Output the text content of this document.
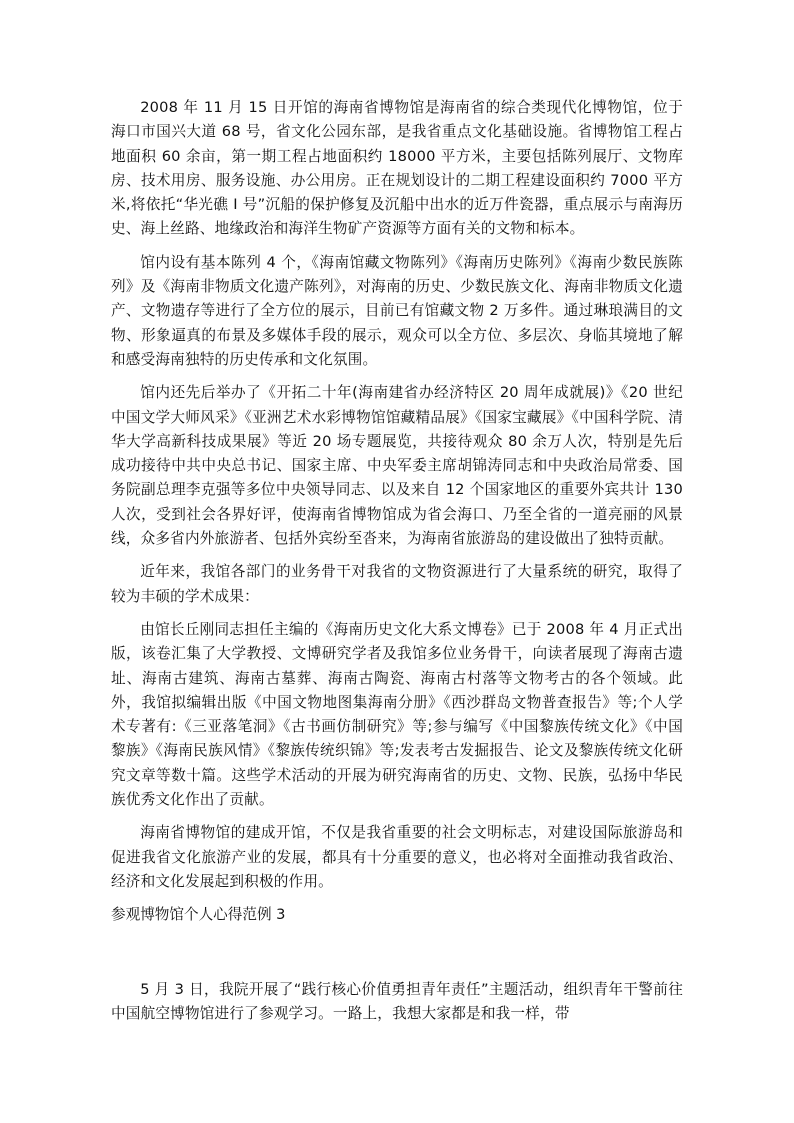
2008 年 11 月 15 日开馆的海南省博物馆是海南省的综合类现代化博物馆，位于海口市国兴大道 68 号，省文化公园东部，是我省重点文化基础设施。省博物馆工程占地面积 60 余亩，第一期工程占地面积约 18000 平方米，主要包括陈列展厅、文物库房、技术用房、服务设施、办公用房。正在规划设计的二期工程建设面积约 7000 平方米,将依托“华光礁 I 号”沉船的保护修复及沉船中出水的近万件瓷器，重点展示与南海历史、海上丝路、地缘政治和海洋生物矿产资源等方面有关的文物和标本。

馆内设有基本陈列 4 个，《海南馆藏文物陈列》《海南历史陈列》《海南少数民族陈列》及《海南非物质文化遗产陈列》，对海南的历史、少数民族文化、海南非物质文化遗产、文物遗存等进行了全方位的展示，目前已有馆藏文物 2 万多件。通过琳琅满目的文物、形象逼真的布景及多媒体手段的展示，观众可以全方位、多层次、身临其境地了解和感受海南独特的历史传承和文化氛围。

馆内还先后举办了《开拓二十年(海南建省办经济特区 20 周年成就展)》《20 世纪中国文学大师风采》《亚洲艺术水彩博物馆馆藏精品展》《国家宝藏展》《中国科学院、清华大学高新科技成果展》等近 20 场专题展览，共接待观众 80 余万人次，特别是先后成功接待中共中央总书记、国家主席、中央军委主席胡锦涛同志和中央政治局常委、国务院副总理李克强等多位中央领导同志、以及来自 12 个国家地区的重要外宾共计 130 人次，受到社会各界好评，使海南省博物馆成为省会海口、乃至全省的一道亮丽的风景线，众多省内外旅游者、包括外宾纷至沓来，为海南省旅游岛的建设做出了独特贡献。

近年来，我馆各部门的业务骨干对我省的文物资源进行了大量系统的研究，取得了较为丰硕的学术成果：

由馆长丘刚同志担任主编的《海南历史文化大系文博卷》已于 2008 年 4 月正式出版，该卷汇集了大学教授、文博研究学者及我馆多位业务骨干，向读者展现了海南古遗址、海南古建筑、海南古墓葬、海南古陶瓷、海南古村落等文物考古的各个领域。此外，我馆拟编辑出版《中国文物地图集海南分册》《西沙群岛文物普查报告》等;个人学术专著有:《三亚落笔洞》《古书画仿制研究》等;参与编写《中国黎族传统文化》《中国黎族》《海南民族风情》《黎族传统织锦》等;发表考古发掘报告、论文及黎族传统文化研究文章等数十篇。这些学术活动的开展为研究海南省的历史、文物、民族，弘扬中华民族优秀文化作出了贡献。

海南省博物馆的建成开馆，不仅是我省重要的社会文明标志，对建设国际旅游岛和促进我省文化旅游产业的发展，都具有十分重要的意义，也必将对全面推动我省政治、经济和文化发展起到积极的作用。

参观博物馆个人心得范例 3

5 月 3 日，我院开展了“践行核心价值勇担青年责任”主题活动，组织青年干警前往中国航空博物馆进行了参观学习。一路上，我想大家都是和我一样，带
